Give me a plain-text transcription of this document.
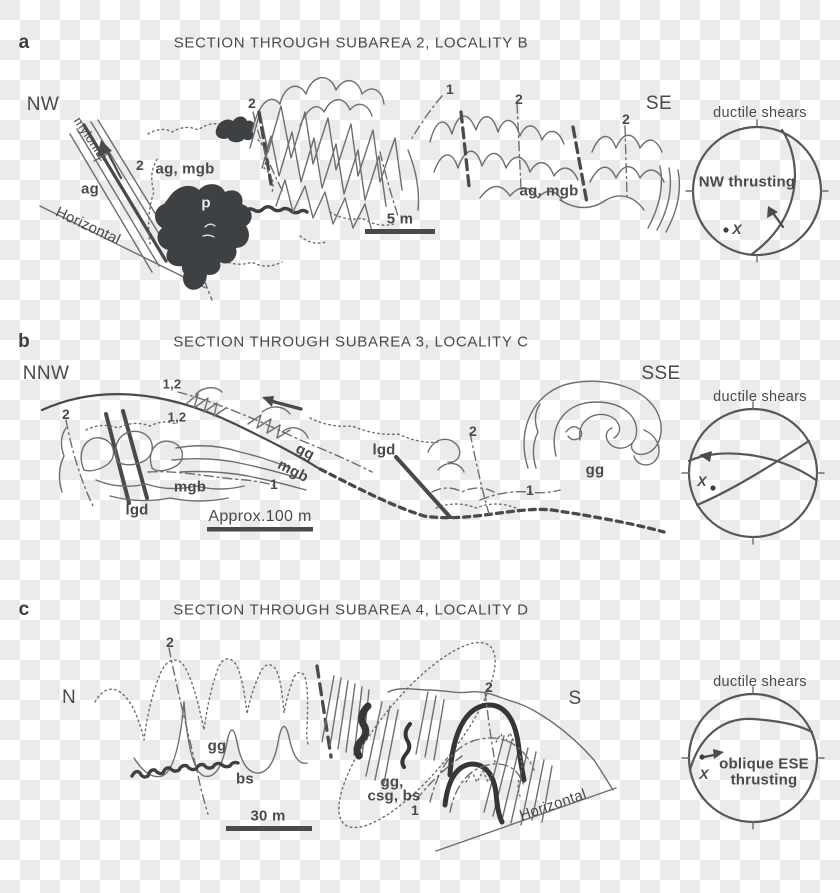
a	SECTION THROUGH SUBAREA 2, LOCALITY B
NW	SE
mylonite
ag
Horizontal
2 ag, mgb
p
2
1
2
2
ag, mgb
5 m
ductile shears
NW thrusting
X
b	SECTION THROUGH SUBAREA 3, LOCALITY C
NNW	SSE
2
1,2
1,2
mgb	1
lgd
gg
mgb
Approx.100 m
lgd
2
1
gg
ductile shears
X
c	SECTION THROUGH SUBAREA 4, LOCALITY D
N	S
2
gg
bs
30 m
gg,
csg, bs
1
2
Horizontal
ductile shears
oblique ESE
thrusting
X
